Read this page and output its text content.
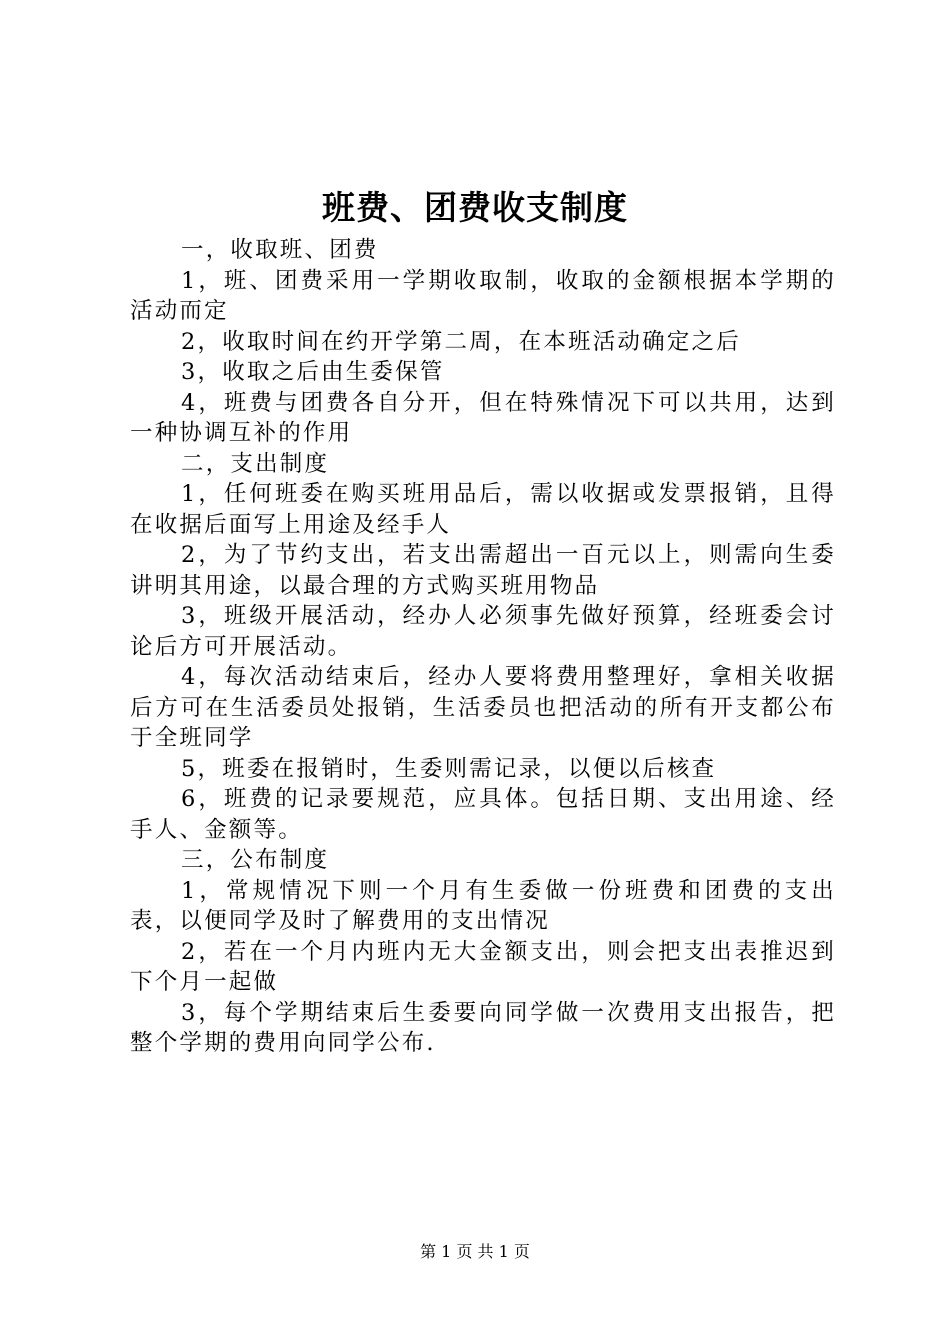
班费、团费收支制度

一，收取班、团费

1，班、团费采用一学期收取制，收取的金额根据本学期的活动而定

2，收取时间在约开学第二周，在本班活动确定之后

3，收取之后由生委保管

4，班费与团费各自分开，但在特殊情况下可以共用，达到一种协调互补的作用

二，支出制度

1，任何班委在购买班用品后，需以收据或发票报销，且得在收据后面写上用途及经手人

2，为了节约支出，若支出需超出一百元以上，则需向生委讲明其用途，以最合理的方式购买班用物品

3，班级开展活动，经办人必须事先做好预算，经班委会讨论后方可开展活动。

4，每次活动结束后，经办人要将费用整理好，拿相关收据后方可在生活委员处报销，生活委员也把活动的所有开支都公布于全班同学

5，班委在报销时，生委则需记录，以便以后核查

6，班费的记录要规范，应具体。包括日期、支出用途、经手人、金额等。

三，公布制度

1，常规情况下则一个月有生委做一份班费和团费的支出表，以便同学及时了解费用的支出情况

2，若在一个月内班内无大金额支出，则会把支出表推迟到下个月一起做

3，每个学期结束后生委要向同学做一次费用支出报告，把整个学期的费用向同学公布.

第 1 页 共 1 页
